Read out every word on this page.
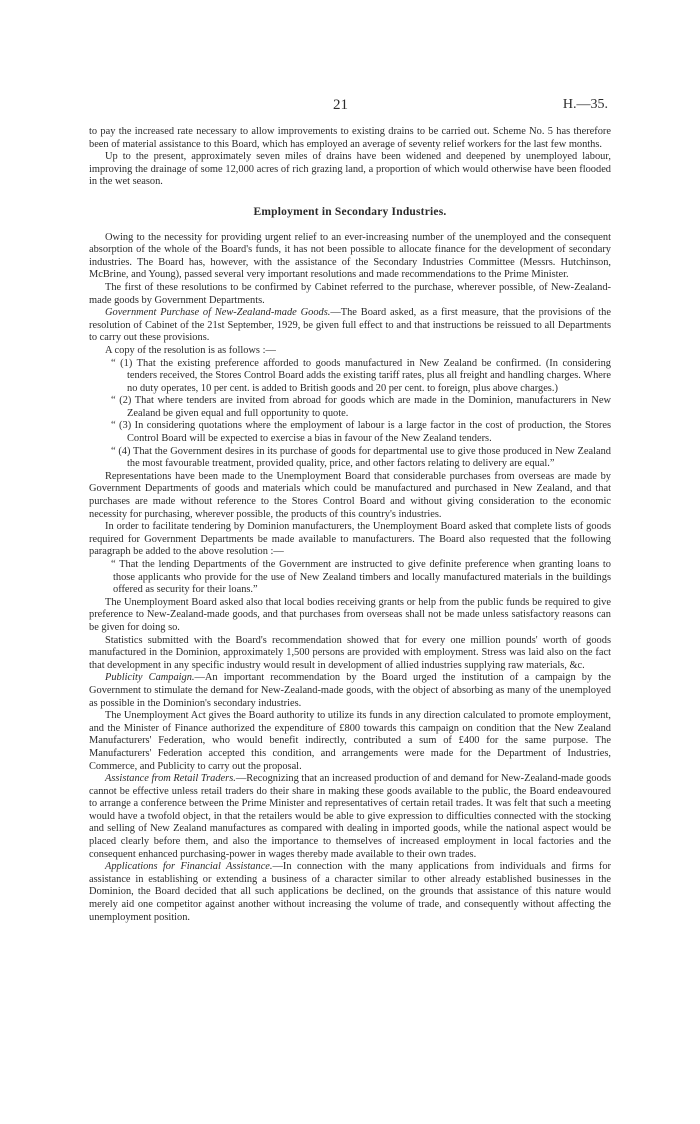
21	H.—35.

to pay the increased rate necessary to allow improvements to existing drains to be carried out. Scheme No. 5 has therefore been of material assistance to this Board, which has employed an average of seventy relief workers for the last few months.

Up to the present, approximately seven miles of drains have been widened and deepened by unemployed labour, improving the drainage of some 12,000 acres of rich grazing land, a proportion of which would otherwise have been flooded in the wet season.

Employment in Secondary Industries.

Owing to the necessity for providing urgent relief to an ever-increasing number of the unemployed and the consequent absorption of the whole of the Board's funds, it has not been possible to allocate finance for the development of secondary industries. The Board has, however, with the assistance of the Secondary Industries Committee (Messrs. Hutchinson, McBrine, and Young), passed several very important resolutions and made recommendations to the Prime Minister.

The first of these resolutions to be confirmed by Cabinet referred to the purchase, wherever possible, of New-Zealand-made goods by Government Departments.

Government Purchase of New-Zealand-made Goods.—The Board asked, as a first measure, that the provisions of the resolution of Cabinet of the 21st September, 1929, be given full effect to and that instructions be reissued to all Departments to carry out these provisions.

A copy of the resolution is as follows :—

“ (1) That the existing preference afforded to goods manufactured in New Zealand be confirmed. (In considering tenders received, the Stores Control Board adds the existing tariff rates, plus all freight and handling charges. Where no duty operates, 10 per cent. is added to British goods and 20 per cent. to foreign, plus above charges.)

“ (2) That where tenders are invited from abroad for goods which are made in the Dominion, manufacturers in New Zealand be given equal and full opportunity to quote.

“ (3) In considering quotations where the employment of labour is a large factor in the cost of production, the Stores Control Board will be expected to exercise a bias in favour of the New Zealand tenders.

“ (4) That the Government desires in its purchase of goods for departmental use to give those produced in New Zealand the most favourable treatment, provided quality, price, and other factors relating to delivery are equal.”

Representations have been made to the Unemployment Board that considerable purchases from overseas are made by Government Departments of goods and materials which could be manufactured and purchased in New Zealand, and that purchases are made without reference to the Stores Control Board and without giving consideration to the economic necessity for purchasing, wherever possible, the products of this country's industries.

In order to facilitate tendering by Dominion manufacturers, the Unemployment Board asked that complete lists of goods required for Government Departments be made available to manufacturers. The Board also requested that the following paragraph be added to the above resolution :—

“ That the lending Departments of the Government are instructed to give definite preference when granting loans to those applicants who provide for the use of New Zealand timbers and locally manufactured materials in the buildings offered as security for their loans.”

The Unemployment Board asked also that local bodies receiving grants or help from the public funds be required to give preference to New-Zealand-made goods, and that purchases from overseas shall not be made unless satisfactory reasons can be given for doing so.

Statistics submitted with the Board's recommendation showed that for every one million pounds' worth of goods manufactured in the Dominion, approximately 1,500 persons are provided with employment. Stress was laid also on the fact that development in any specific industry would result in development of allied industries supplying raw materials, &c.

Publicity Campaign.—An important recommendation by the Board urged the institution of a campaign by the Government to stimulate the demand for New-Zealand-made goods, with the object of absorbing as many of the unemployed as possible in the Dominion's secondary industries.

The Unemployment Act gives the Board authority to utilize its funds in any direction calculated to promote employment, and the Minister of Finance authorized the expenditure of £800 towards this campaign on condition that the New Zealand Manufacturers' Federation, who would benefit indirectly, contributed a sum of £400 for the same purpose. The Manufacturers' Federation accepted this condition, and arrangements were made for the Department of Industries, Commerce, and Publicity to carry out the proposal.

Assistance from Retail Traders.—Recognizing that an increased production of and demand for New-Zealand-made goods cannot be effective unless retail traders do their share in making these goods available to the public, the Board endeavoured to arrange a conference between the Prime Minister and representatives of certain retail trades. It was felt that such a meeting would have a twofold object, in that the retailers would be able to give expression to difficulties connected with the stocking and selling of New Zealand manufactures as compared with dealing in imported goods, while the national aspect would be placed clearly before them, and also the importance to themselves of increased employment in local factories and the consequent enhanced purchasing-power in wages thereby made available to their own trades.

Applications for Financial Assistance.—In connection with the many applications from individuals and firms for assistance in establishing or extending a business of a character similar to other already established businesses in the Dominion, the Board decided that all such applications be declined, on the grounds that assistance of this nature would merely aid one competitor against another without increasing the volume of trade, and consequently without affecting the unemployment position.
